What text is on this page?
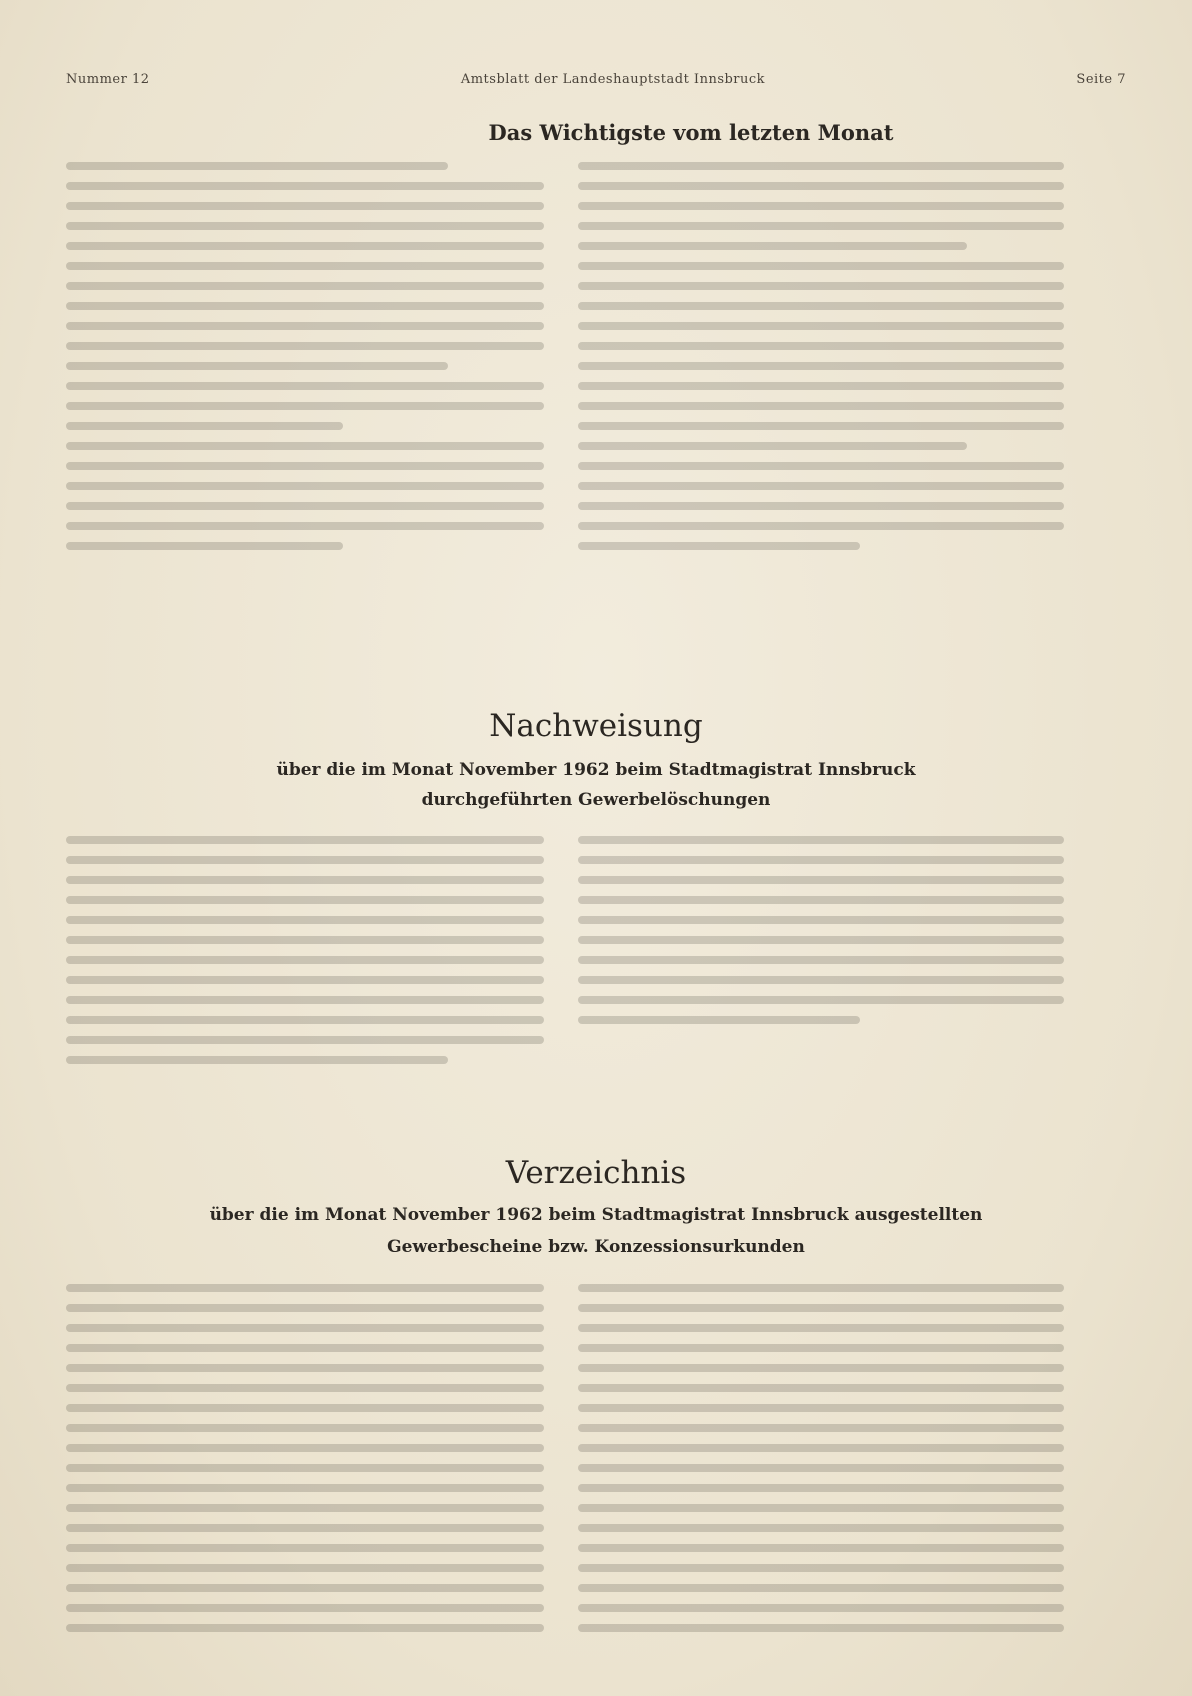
Nummer 12	Amtsblatt der Landeshauptstadt Innsbruck	Seite 7
Das Wichtigste vom letzten Monat
Nachweisung
über die im Monat November 1962 beim Stadtmagistrat Innsbruck
durchgeführten Gewerbelöschungen
Verzeichnis
über die im Monat November 1962 beim Stadtmagistrat Innsbruck ausgestellten
Gewerbescheine bzw. Konzessionsurkunden
